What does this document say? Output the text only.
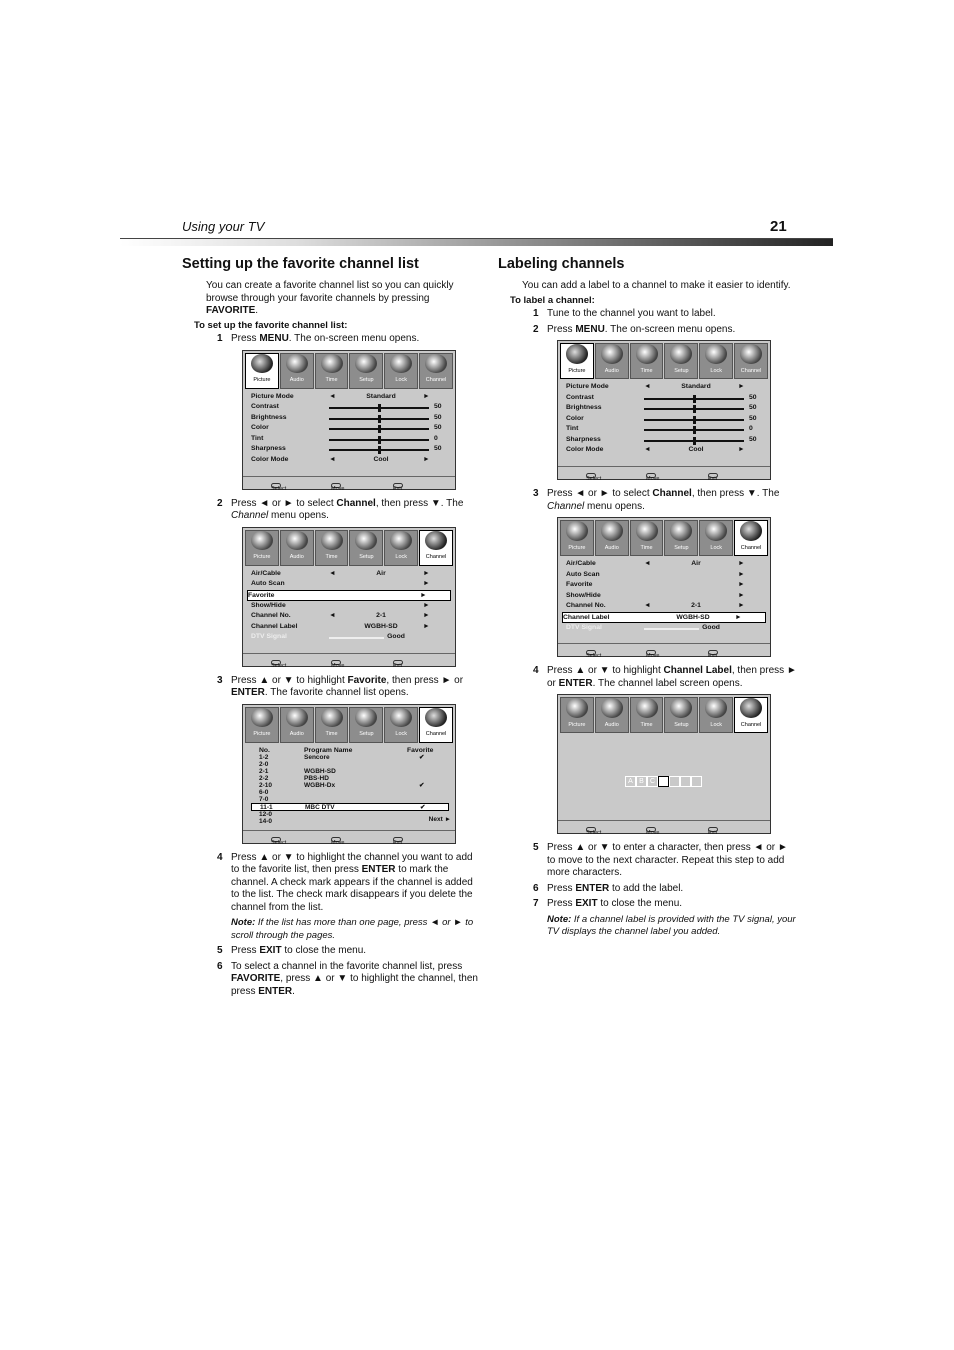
Using your TV	21
Setting up the favorite channel list

You can create a favorite channel list so you can quickly browse through your favorite channels by pressing FAVORITE.

To set up the favorite channel list:

1 Press MENU. The on-screen menu opens.

Picture	Audio	Time	Setup	Lock	Channel
Picture Mode	◄	Standard	►
Contrast	50
Brightness	50
Color	50
Tint	0
Sharpness	50
Color Mode	◄	Cool	►
Select	Move	Exit

2 Press ◄ or ► to select Channel, then press ▼. The Channel menu opens.

Picture	Audio	Time	Setup	Lock	Channel
Air/Cable	◄	Air	►
Auto Scan	►
Favorite	►
Show/Hide	►
Channel No.	◄	2-1	►
Channel Label	WGBH-SD	►
DTV Signal	Good
Select	Move	Exit

3 Press ▲ or ▼ to highlight Favorite, then press ► or ENTER. The favorite channel list opens.

Picture	Audio	Time	Setup	Lock	Channel
No.	Program Name	Favorite
1-2	Sencore	✔
2-0
2-1	WGBH-SD
2-2	PBS-HD
2-10	WGBH-Dx	✔
6-0
7-0
11-1	MBC DTV	✔
12-0
14-0	Next ►
Select	Move	Exit

4 Press ▲ or ▼ to highlight the channel you want to add to the favorite list, then press ENTER to mark the channel. A check mark appears if the channel is added to the list. The check mark disappears if you delete the channel from the list.

Note: If the list has more than one page, press ◄ or ► to scroll through the pages.

5 Press EXIT to close the menu.

6 To select a channel in the favorite channel list, press FAVORITE, press ▲ or ▼ to highlight the channel, then press ENTER.

Labeling channels

You can add a label to a channel to make it easier to identify.

To label a channel:

1 Tune to the channel you want to label.

2 Press MENU. The on-screen menu opens.

Picture	Audio	Time	Setup	Lock	Channel
Picture Mode	◄	Standard	►
Contrast	50
Brightness	50
Color	50
Tint	0
Sharpness	50
Color Mode	◄	Cool	►
Select	Move	Exit

3 Press ◄ or ► to select Channel, then press ▼. The Channel menu opens.

Picture	Audio	Time	Setup	Lock	Channel
Air/Cable	◄	Air	►
Auto Scan	►
Favorite	►
Show/Hide	►
Channel No.	◄	2-1	►
Channel Label	WGBH-SD	►
DTV Signal	Good
Select	Move	Exit

4 Press ▲ or ▼ to highlight Channel Label, then press ► or ENTER. The channel label screen opens.

Picture	Audio	Time	Setup	Lock	Channel
A B C
Select	Move	Exit

5 Press ▲ or ▼ to enter a character, then press ◄ or ► to move to the next character. Repeat this step to add more characters.

6 Press ENTER to add the label.

7 Press EXIT to close the menu.

Note: If a channel label is provided with the TV signal, your TV displays the channel label you added.
